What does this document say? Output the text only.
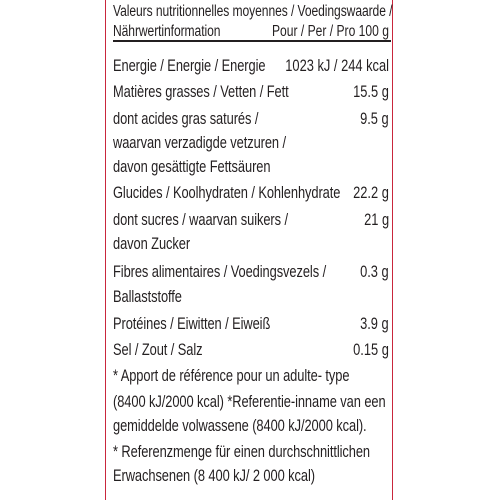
Valeurs nutritionnelles moyennes / Voedingswaarde /
Nährwertinformation	Pour / Per / Pro 100 g
Energie / Energie / Energie 1023 kJ / 244 kcal
Matières grasses / Vetten / Fett	15.5 g
dont acides gras saturés /	9.5 g
waarvan verzadigde vetzuren /
davon gesättigte Fettsäuren
Glucides / Koolhydraten / Kohlenhydrate 22.2 g
dont sucres / waarvan suikers /	21 g
davon Zucker
Fibres alimentaires / Voedingsvezels / 0.3 g
Ballaststoffe
Protéines / Eiwitten / Eiweiß	3.9 g
Sel / Zout / Salz	0.15 g
* Apport de référence pour un adulte- type
(8400 kJ/2000 kcal) *Referentie-inname van een
gemiddelde volwassene (8400 kJ/2000 kcal).
* Referenzmenge für einen durchschnittlichen
Erwachsenen (8 400 kJ/ 2 000 kcal)
